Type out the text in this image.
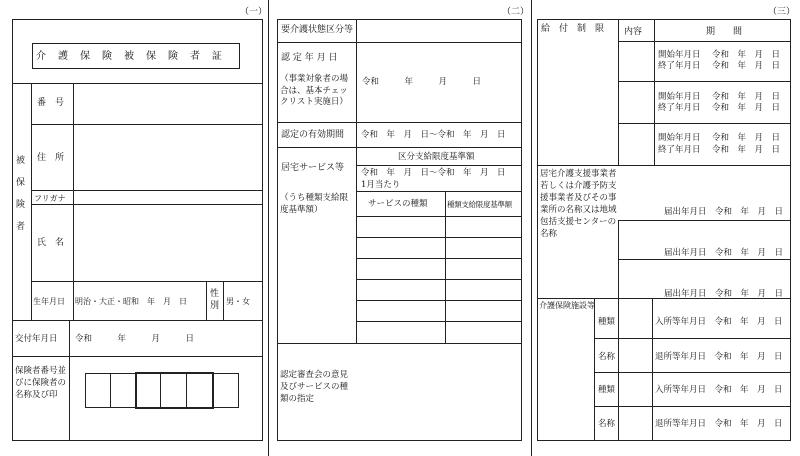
（一）
介　護　保　険　被　保　険　者　証
被保険者
番　号
住　所
フリガナ
氏　名
生年月日 明治・大正・昭和　年　月　日
性別 男・女
交付年月日 令和　　　年　　　月　　　日
保険者番号並びに保険者の名称及び印
（二）
要介護状態区分等
認 定 年 月 日
（事業対象者の場合は、基本チェックリスト実施日）
令和　　　年　　　月　　　日
認定の有効期間 令和　年　月　日～令和　年　月　日
居宅サービス等
区分支給限度基準額
令和　年　月　日～令和　年　月　日
1月当たり
（うち種類支給限度基準額）
サービスの種類	種類支給限度基準額
認定審査会の意見及びサービスの種類の指定
（三）
給　付　制　限 内容	期　　間
開始年月日 令和　年　月　日
終了年月日 令和　年　月　日
開始年月日 令和　年　月　日
終了年月日 令和　年　月　日
開始年月日 令和　年　月　日
終了年月日 令和　年　月　日
居宅介護支援事業者若しくは介護予防支援事業者及びその事業所の名称又は地域包括支援センターの名称
届出年月日　令和　年　月　日
届出年月日　令和　年　月　日
届出年月日　令和　年　月　日
介護保険施設等
種類	入所等年月日　令和　年　月　日
名称	退所等年月日　令和　年　月　日
種類	入所等年月日　令和　年　月　日
名称	退所等年月日　令和　年　月　日
